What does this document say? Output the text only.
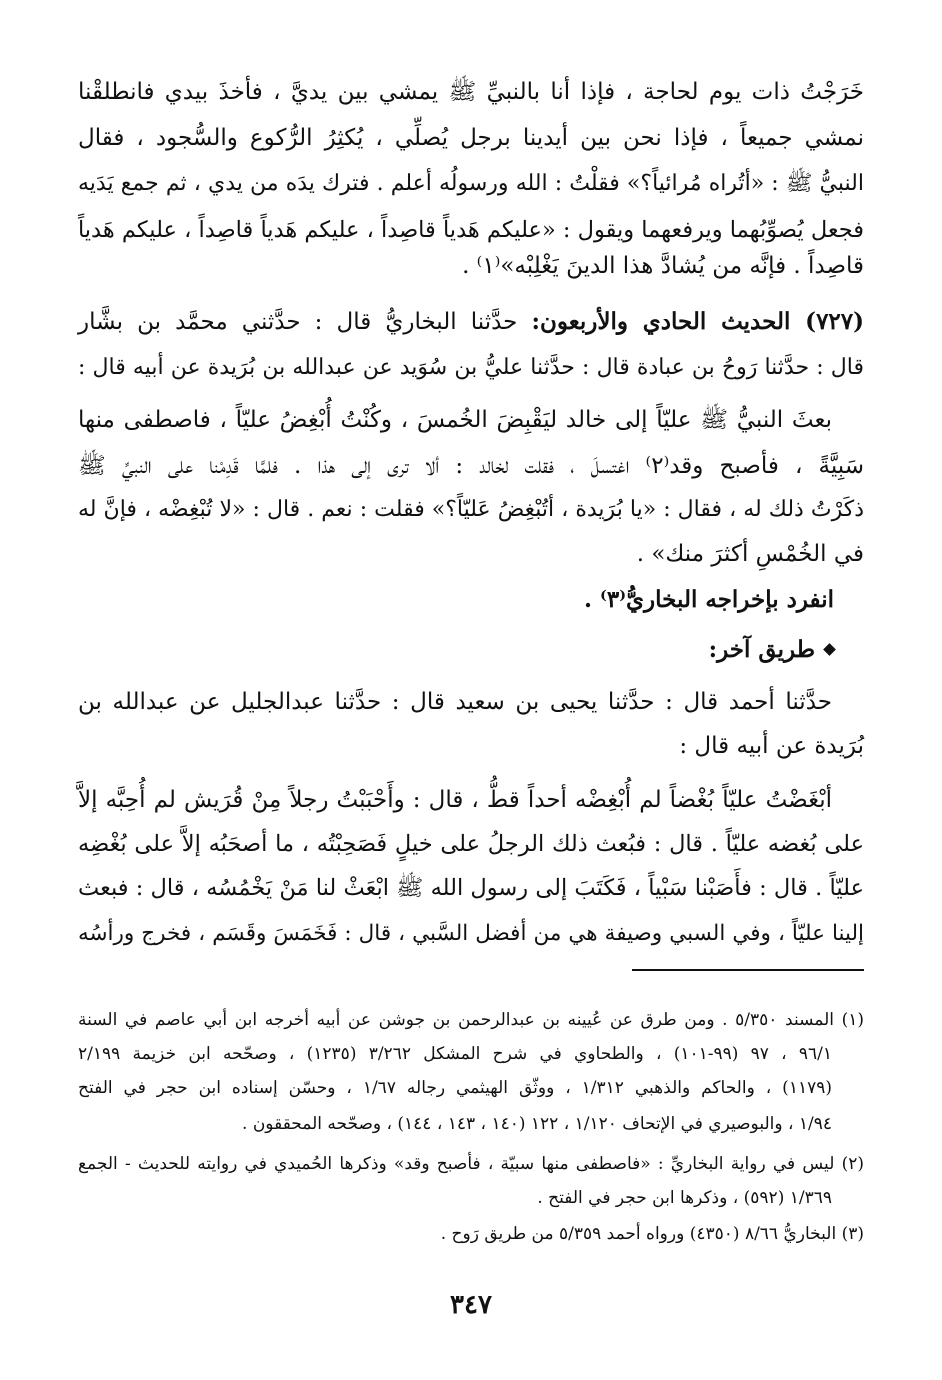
خَرَجْتُ ذات يوم لحاجة ، فإذا أنا بالنبيِّ ﷺ يمشي بين يديَّ ، فأخذَ بيدي فانطلقْنا
نمشي جميعاً ، فإذا نحن بين أيدينا برجل يُصلِّي ، يُكثِرُ الرُّكوع والسُّجود ، فقال
النبيُّ ﷺ : «أتُراه مُرائياً؟» فقلْتُ : الله ورسولُه أعلم . فترك يدَه من يدي ، ثم جمع يَدَيه
فجعل يُصوِّبُهما ويرفعهما ويقول : «عليكم هَدياً قاصِداً ، عليكم هَدياً قاصِداً ، عليكم هَدياً
قاصِداً . فإنَّه من يُشادَّ هذا الدينَ يَغْلِبْه»⁽١⁾ .
(٧٢٧) الحديث الحادي والأربعون: حدَّثنا البخاريُّ قال : حدَّثني محمَّد بن بشَّار
قال : حدَّثنا رَوحُ بن عبادة قال : حدَّثنا عليُّ بن سُوَيد عن عبدالله بن بُرَيدة عن أبيه قال :
بعثَ النبيُّ ﷺ عليّاً إلى خالد ليَقْبِضَ الخُمسَ ، وكُنْتُ أُبْغِضُ عليّاً ، فاصطفى منها
سَبِيَّةً ، فأصبح وقد⁽٢⁾ اغتسلَ ، فقلت لخالد : ألا ترى إلى هذا . فلمَّا قَدِمْنا على النبيِّ ﷺ
ذكَرْتُ ذلك له ، فقال : «يا بُرَيدة ، أتُبْغِضُ عَليّاً؟» فقلت : نعم . قال : «لا تُبْغِضْه ، فإنَّ له
في الخُمْسِ أكثرَ منك» .
انفرد بإخراجه البخاريُّ⁽٣⁾ .
طريق آخر:
حدَّثنا أحمد قال : حدَّثنا يحيى بن سعيد قال : حدَّثنا عبدالجليل عن عبدالله بن
بُرَيدة عن أبيه قال :
أبْغَضْتُ عليّاً بُغْضاً لم أُبْغِضْه أحداً قطُّ ، قال : وأَحْبَبْتُ رجلاً مِنْ قُرَيش لم أُحِبَّه إلاَّ
على بُغضه عليّاً . قال : فبُعث ذلك الرجلُ على خيلٍ فَصَحِبْتُه ، ما أصحَبُه إلاَّ على بُغْضِه
عليّاً . قال : فأَصَبْنا سَبْياً ، فَكَتَبَ إلى رسول الله ﷺ ابْعَثْ لنا مَنْ يَخْمُسُه ، قال : فبعث
إلينا عليّاً ، وفي السبي وصيفة هي من أفضل السَّبي ، قال : فَخَمَسَ وقَسَم ، فخرج ورأسُه
(١) المسند ٥/٣٥٠ . ومن طرق عن عُيينه بن عبدالرحمن بن جوشن عن أبيه أخرجه ابن أبي عاصم في السنة
٩٦/١ ، ٩٧ (٩٩-١٠١) ، والطحاوي في شرح المشكل ٣/٢٦٢ (١٢٣٥) ، وصحّحه ابن خزيمة ٢/١٩٩
(١١٧٩) ، والحاكم والذهبي ١/٣١٢ ، ووثّق الهيثمي رجاله ١/٦٧ ، وحسّن إسناده ابن حجر في الفتح
١/٩٤ ، والبوصيري في الإتحاف ١/١٢٠ ، ١٢٢ (١٤٠ ، ١٤٣ ، ١٤٤) ، وصحّحه المحققون .
(٢) ليس في رواية البخاريِّ : «فاصطفى منها سبيّة ، فأصبح وقد» وذكرها الحُميدي في روايته للحديث - الجمع
١/٣٦٩ (٥٩٢) ، وذكرها ابن حجر في الفتح .
(٣) البخاريُّ ٨/٦٦ (٤٣٥٠) ورواه أحمد ٥/٣٥٩ من طريق رَوح .
٣٤٧
